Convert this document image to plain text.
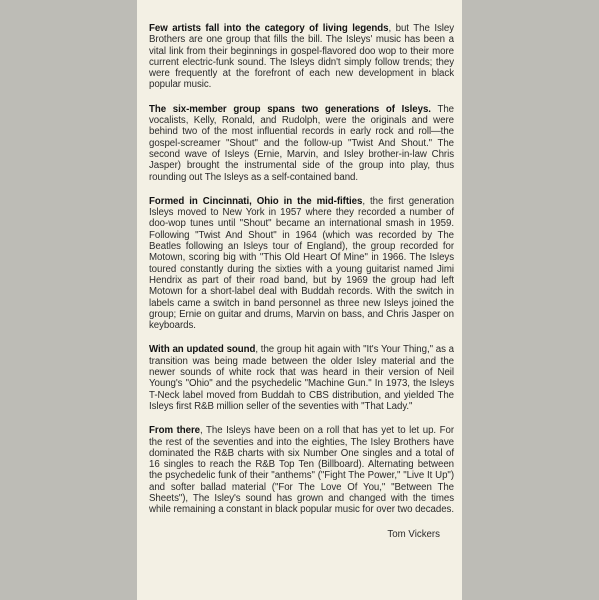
Few artists fall into the category of living legends, but The Isley Brothers are one group that fills the bill. The Isleys' music has been a vital link from their beginnings in gospel-flavored doo wop to their more current electric-funk sound. The Isleys didn't simply follow trends; they were frequently at the forefront of each new development in black popular music.

The six-member group spans two generations of Isleys. The vocalists, Kelly, Ronald, and Rudolph, were the originals and were behind two of the most influential records in early rock and roll—the gospel-screamer "Shout" and the follow-up "Twist And Shout." The second wave of Isleys (Ernie, Marvin, and Isley brother-in-law Chris Jasper) brought the instrumental side of the group into play, thus rounding out The Isleys as a self-contained band.

Formed in Cincinnati, Ohio in the mid-fifties, the first generation Isleys moved to New York in 1957 where they recorded a number of doo-wop tunes until "Shout" became an international smash in 1959. Following "Twist And Shout" in 1964 (which was recorded by The Beatles following an Isleys tour of England), the group recorded for Motown, scoring big with "This Old Heart Of Mine" in 1966. The Isleys toured constantly during the sixties with a young guitarist named Jimi Hendrix as part of their road band, but by 1969 the group had left Motown for a short-label deal with Buddah records. With the switch in labels came a switch in band personnel as three new Isleys joined the group; Ernie on guitar and drums, Marvin on bass, and Chris Jasper on keyboards.

With an updated sound, the group hit again with "It's Your Thing," as a transition was being made between the older Isley material and the newer sounds of white rock that was heard in their version of Neil Young's "Ohio" and the psychedelic "Machine Gun." In 1973, the Isleys T-Neck label moved from Buddah to CBS distribution, and yielded The Isleys first R&B million seller of the seventies with "That Lady."

From there, The Isleys have been on a roll that has yet to let up. For the rest of the seventies and into the eighties, The Isley Brothers have dominated the R&B charts with six Number One singles and a total of 16 singles to reach the R&B Top Ten (Billboard). Alternating between the psychedelic funk of their "anthems" ("Fight The Power," "Live It Up") and softer ballad material ("For The Love Of You," "Between The Sheets"), The Isley's sound has grown and changed with the times while remaining a constant in black popular music for over two decades.

Tom Vickers
